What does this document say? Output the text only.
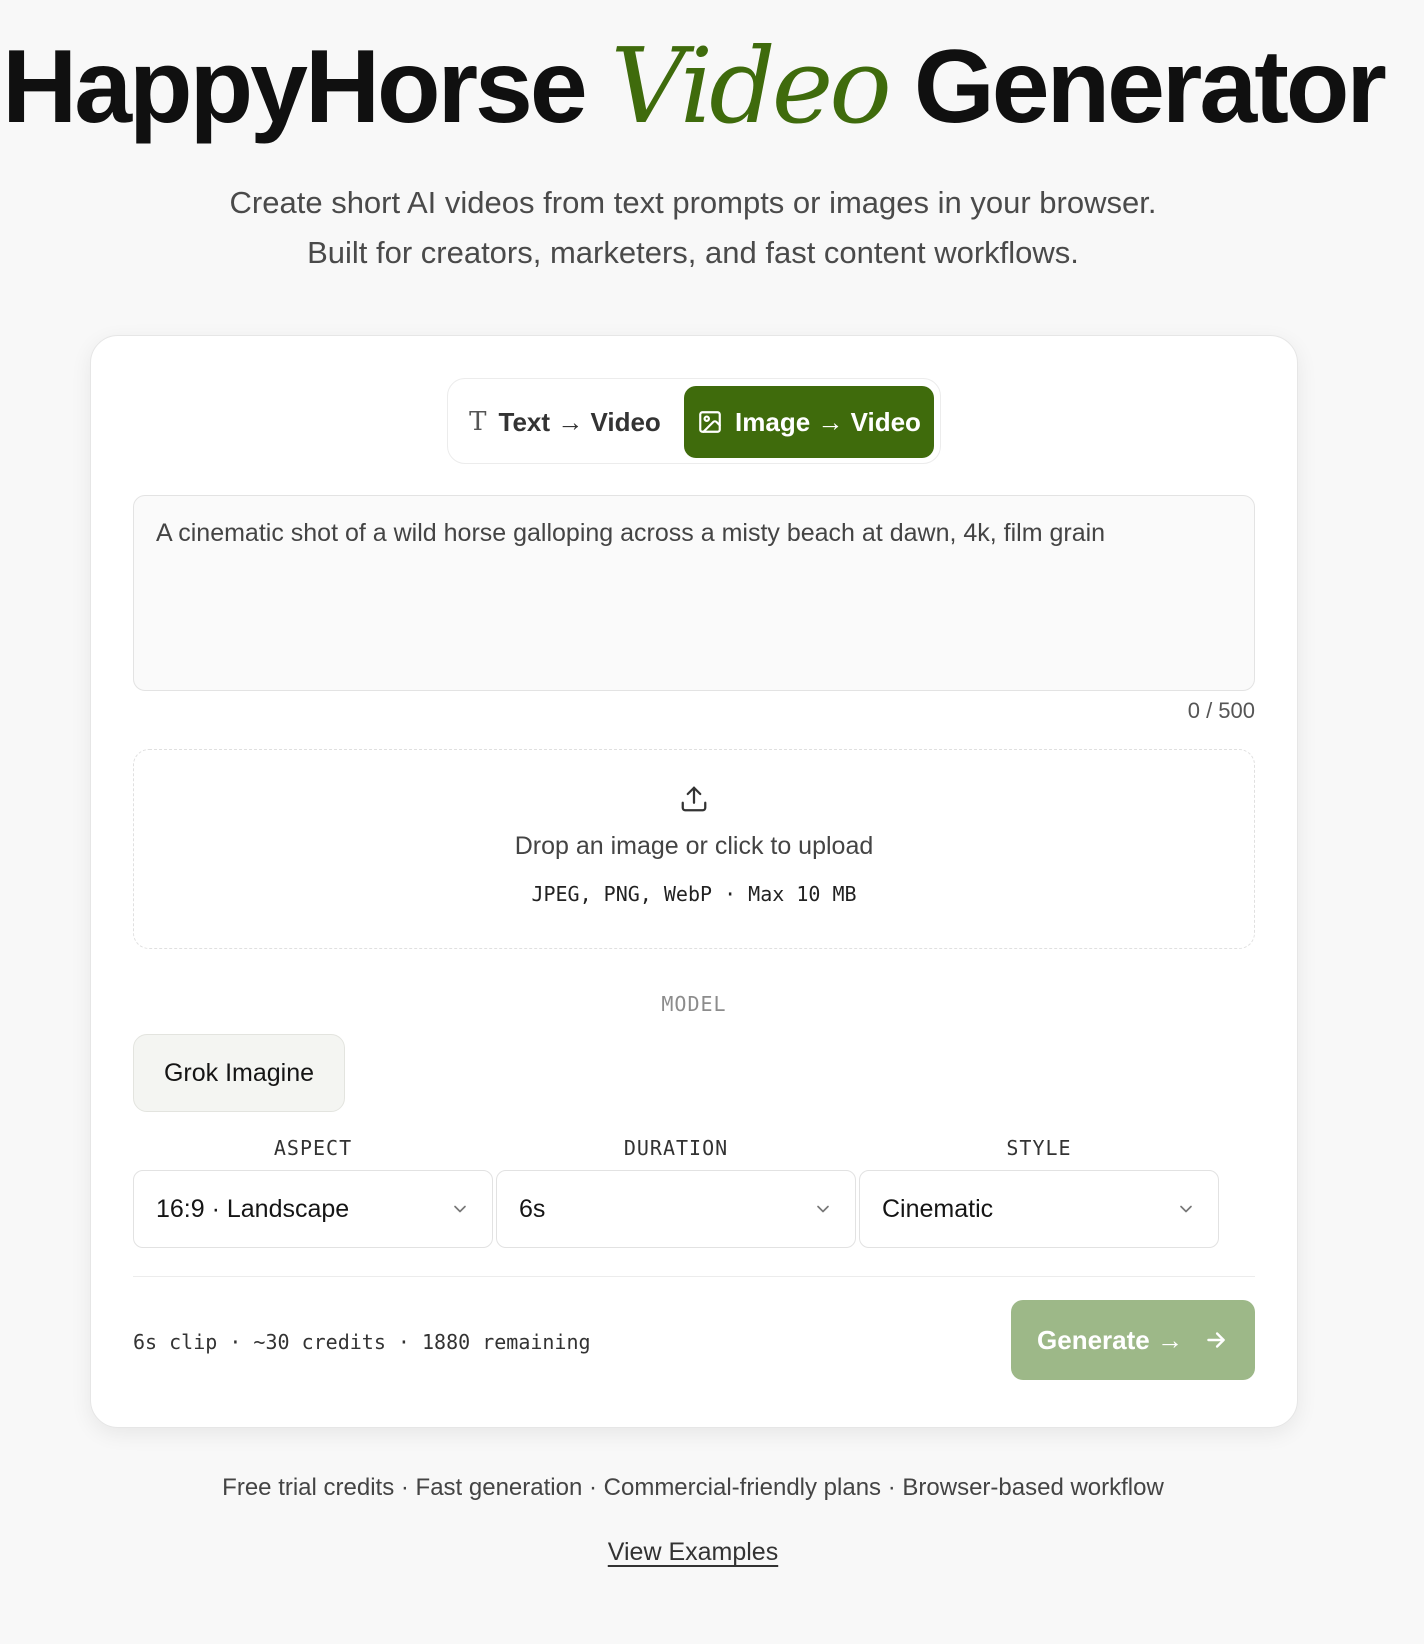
HappyHorse Video Generator
Create short AI videos from text prompts or images in your browser.
Built for creators, marketers, and fast content workflows.
T Text → Video	Image → Video
A cinematic shot of a wild horse galloping across a misty beach at dawn, 4k, film grain
0 / 500
Drop an image or click to upload
JPEG, PNG, WebP · Max 10 MB
MODEL
Grok Imagine
ASPECT	DURATION	STYLE
16:9 · Landscape	6s	Cinematic
6s clip · ~30 credits · 1880 remaining	Generate →
Free trial credits · Fast generation · Commercial-friendly plans · Browser-based workflow
View Examples
